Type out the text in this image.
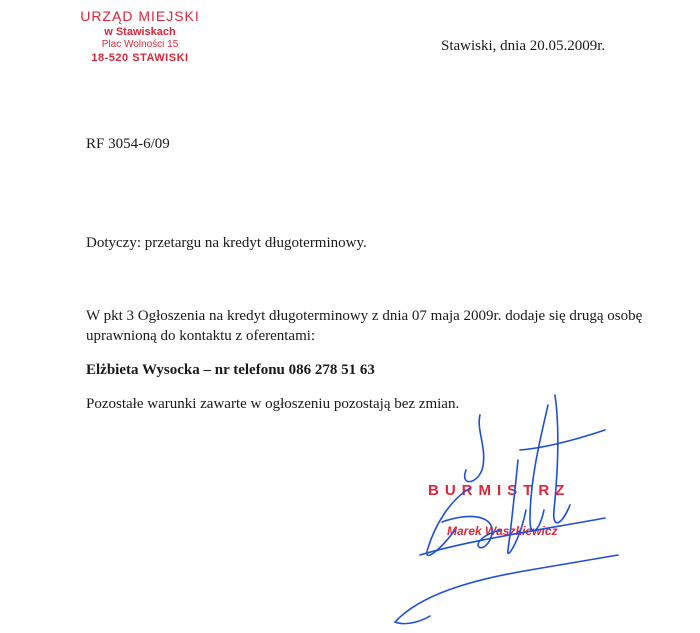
URZĄD MIEJSKI
w Stawiskach
Plac Wolności 15
18-520 STAWISKI
Stawiski, dnia 20.05.2009r.
RF 3054-6/09
Dotyczy: przetargu na kredyt długoterminowy.
W pkt 3 Ogłoszenia na kredyt długoterminowy z dnia 07 maja 2009r. dodaje się drugą osobę uprawnioną do kontaktu z oferentami:
Elżbieta Wysocka – nr telefonu 086 278 51 63
Pozostałe warunki zawarte w ogłoszeniu pozostają bez zmian.
BURMISTRZ
Marek Waszkiewicz
